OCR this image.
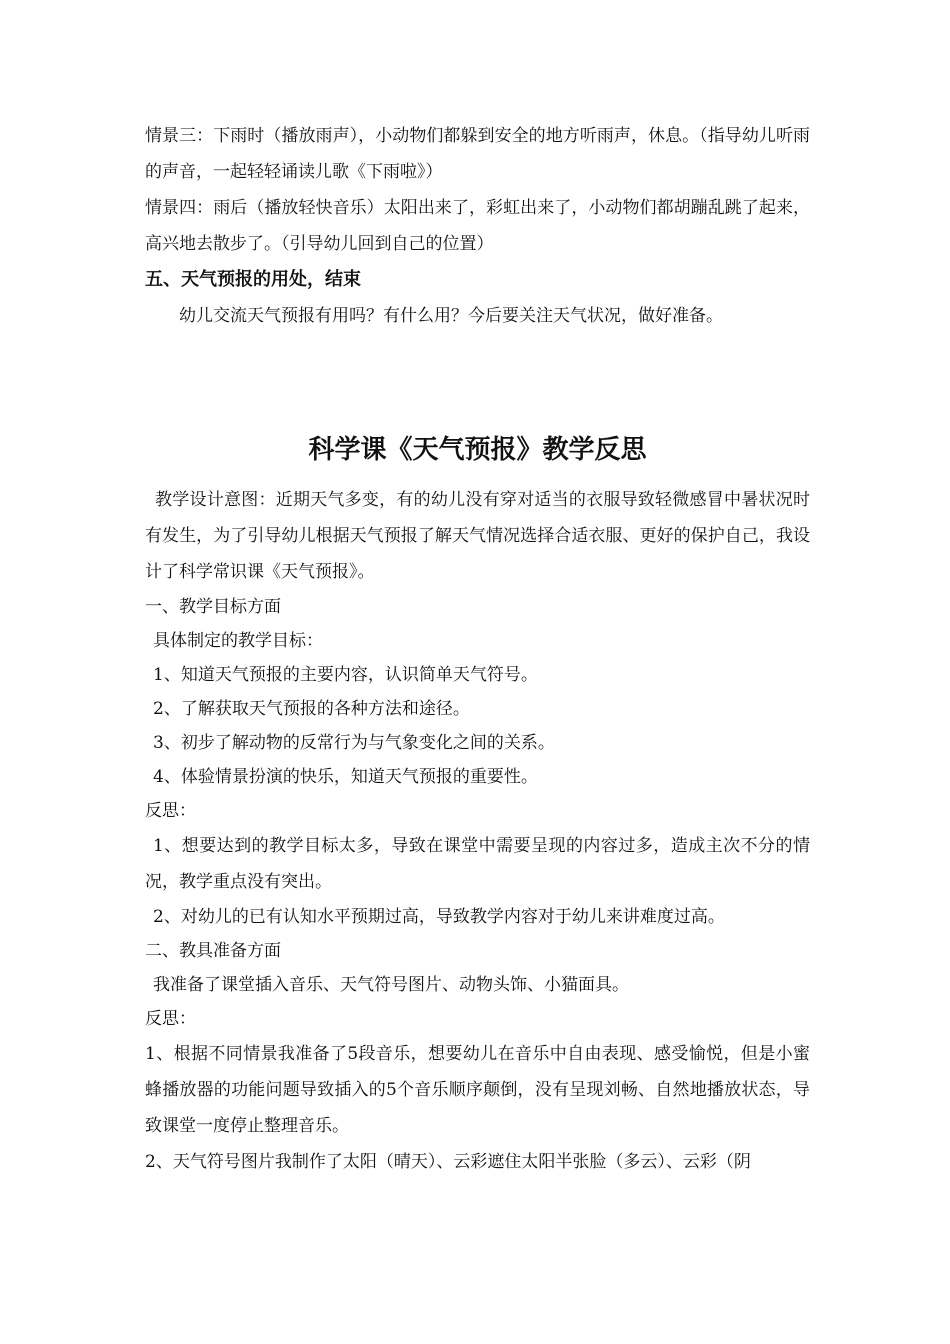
情景三：下雨时（播放雨声），小动物们都躲到安全的地方听雨声，休息。（指导幼儿听雨的声音，一起轻轻诵读儿歌《下雨啦》）

情景四：雨后（播放轻快音乐）太阳出来了，彩虹出来了，小动物们都胡蹦乱跳了起来，高兴地去散步了。（引导幼儿回到自己的位置）

五、天气预报的用处，结束

幼儿交流天气预报有用吗？有什么用？今后要关注天气状况，做好准备。

科学课《天气预报》教学反思

教学设计意图：近期天气多变，有的幼儿没有穿对适当的衣服导致轻微感冒中暑状况时有发生，为了引导幼儿根据天气预报了解天气情况选择合适衣服、更好的保护自己，我设计了科学常识课《天气预报》。

一、教学目标方面

具体制定的教学目标：

1、知道天气预报的主要内容，认识简单天气符号。

2、了解获取天气预报的各种方法和途径。

3、初步了解动物的反常行为与气象变化之间的关系。

4、体验情景扮演的快乐，知道天气预报的重要性。

反思：

1、想要达到的教学目标太多，导致在课堂中需要呈现的内容过多，造成主次不分的情况，教学重点没有突出。

2、对幼儿的已有认知水平预期过高，导致教学内容对于幼儿来讲难度过高。

二、教具准备方面

我准备了课堂插入音乐、天气符号图片、动物头饰、小猫面具。

反思：

1、根据不同情景我准备了5段音乐，想要幼儿在音乐中自由表现、感受愉悦，但是小蜜蜂播放器的功能问题导致插入的5个音乐顺序颠倒，没有呈现刘畅、自然地播放状态，导致课堂一度停止整理音乐。

2、天气符号图片我制作了太阳（晴天）、云彩遮住太阳半张脸（多云）、云彩（阴
